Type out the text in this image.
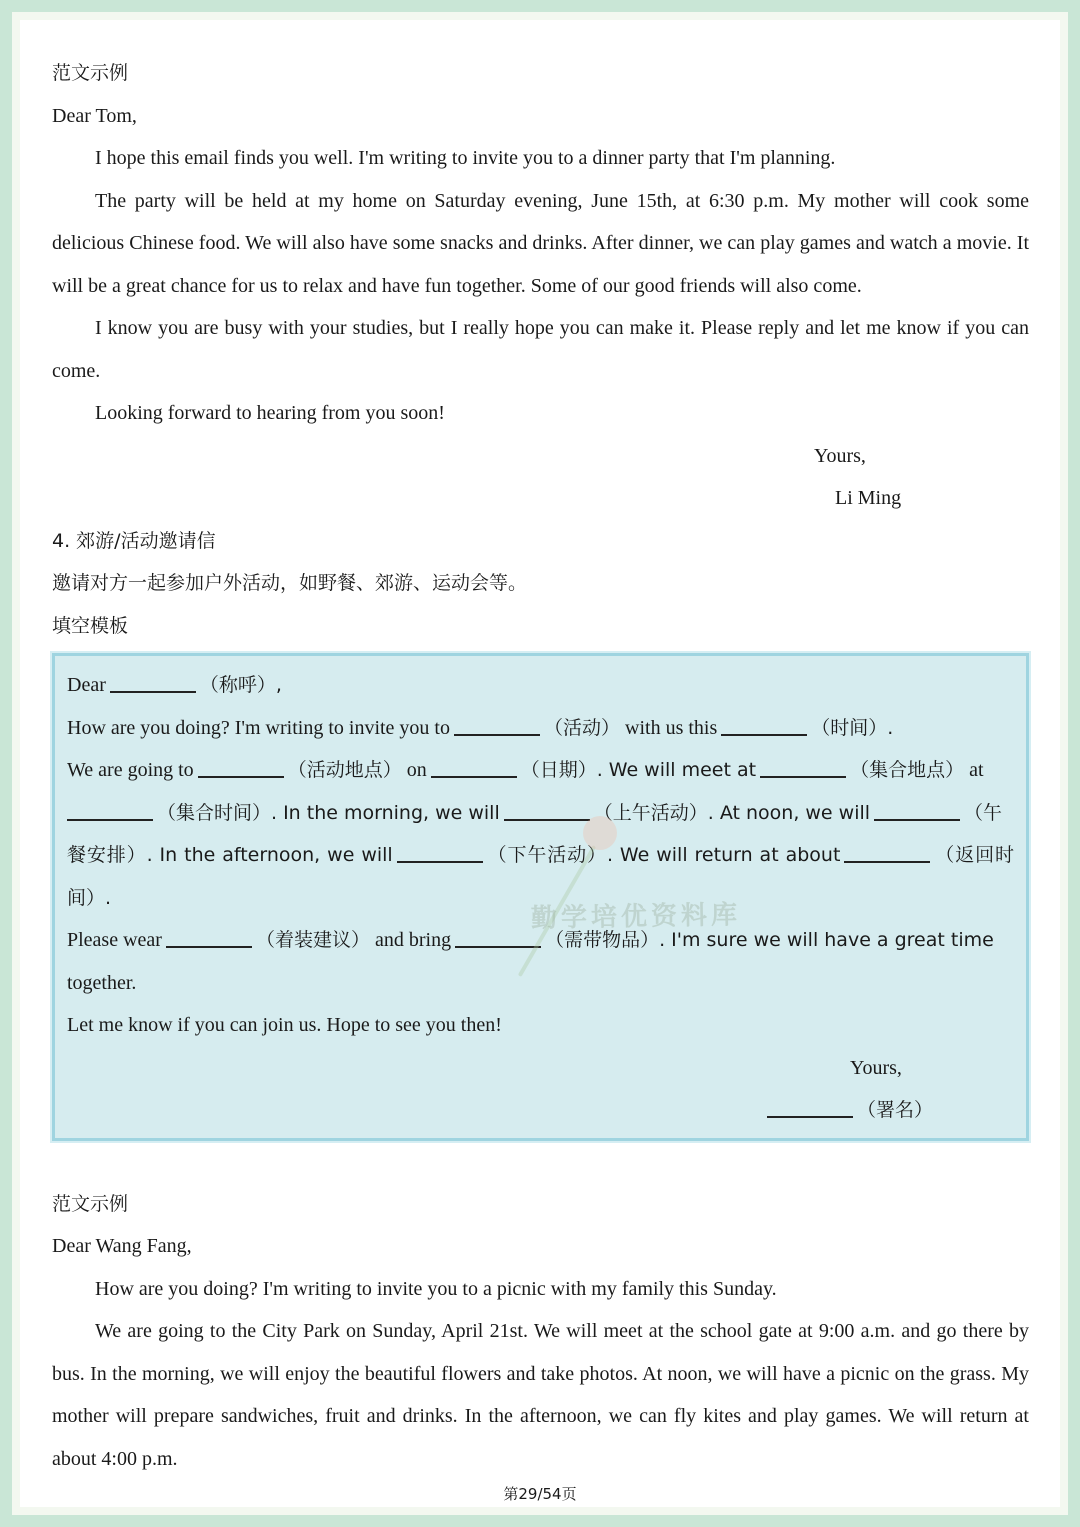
范文示例

Dear Tom,

I hope this email finds you well. I'm writing to invite you to a dinner party that I'm planning.

The party will be held at my home on Saturday evening, June 15th, at 6:30 p.m. My mother will cook some delicious Chinese food. We will also have some snacks and drinks. After dinner, we can play games and watch a movie. It will be a great chance for us to relax and have fun together. Some of our good friends will also come.

I know you are busy with your studies, but I really hope you can make it. Please reply and let me know if you can come.

Looking forward to hearing from you soon!

Yours,

Li Ming

4. 郊游/活动邀请信

邀请对方一起参加户外活动，如野餐、郊游、运动会等。

填空模板

勤学培优资料库

Dear	（称呼）,

How are you doing? I'm writing to invite you to	（活动） with us this	（时间）.

We are going to	（活动地点） on	（日期）. We will meet at	（集合地点） at

（集合时间）. In the morning, we will	（上午活动）. At noon, we will	（午

餐安排）. In the afternoon, we will	（下午活动）. We will return at about	（返回时间）.

Please wear	（着装建议） and bring	（需带物品）. I'm sure we will have a great time

together.

Let me know if you can join us. Hope to see you then!

Yours,

（署名）

范文示例

Dear Wang Fang,

How are you doing? I'm writing to invite you to a picnic with my family this Sunday.

We are going to the City Park on Sunday, April 21st. We will meet at the school gate at 9:00 a.m. and go there by bus. In the morning, we will enjoy the beautiful flowers and take photos. At noon, we will have a picnic on the grass. My mother will prepare sandwiches, fruit and drinks. In the afternoon, we can fly kites and play games. We will return at about 4:00 p.m.

第29/54页
